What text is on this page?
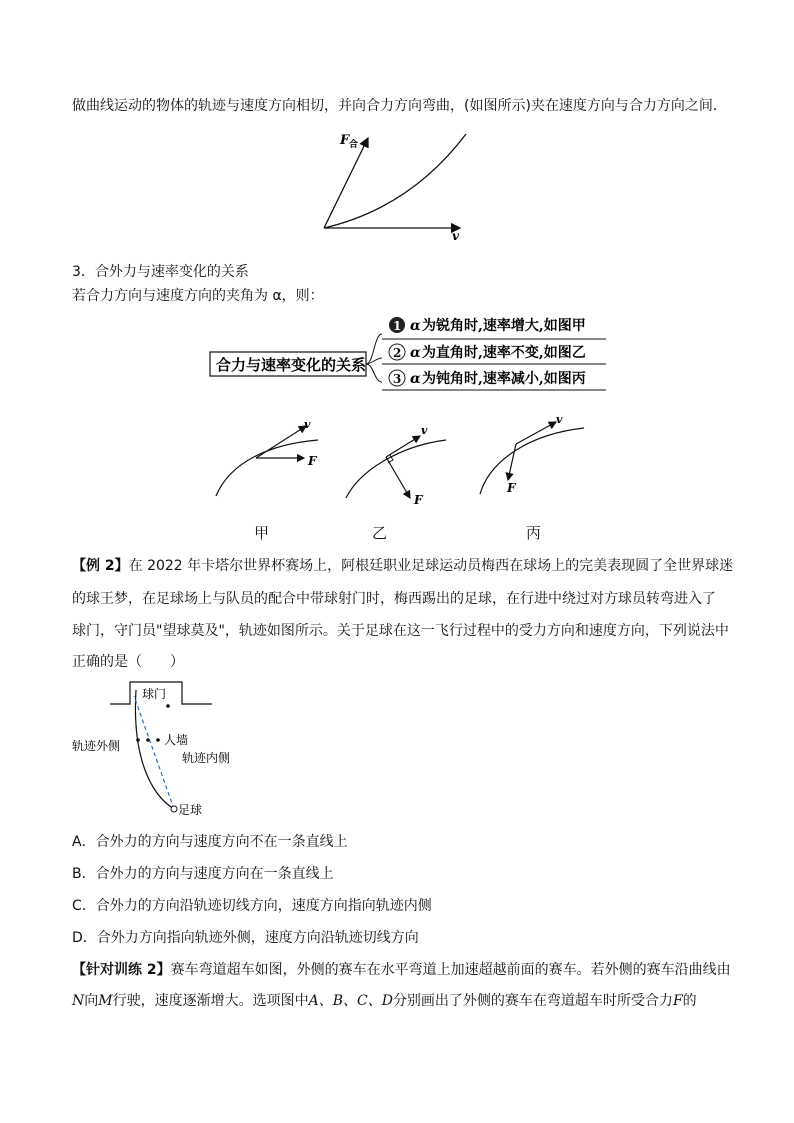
做曲线运动的物体的轨迹与速度方向相切，并向合力方向弯曲，(如图所示)夹在速度方向与合力方向之间．
F 合
v
3．合外力与速率变化的关系
若合力方向与速度方向的夹角为 α，则：
合力与速率变化的关系
1 α 为锐角时,速率增大,如图甲
2 α 为直角时,速率不变,如图乙
3 α 为钝角时,速率减小,如图丙
v
F
v
F
v
F
甲	乙	丙
【例 2】在 2022 年卡塔尔世界杯赛场上，阿根廷职业足球运动员梅西在球场上的完美表现圆了全世界球迷
的球王梦，在足球场上与队员的配合中带球射门时，梅西踢出的足球，在行进中绕过对方球员转弯进入了
球门，守门员"望球莫及"，轨迹如图所示。关于足球在这一飞行过程中的受力方向和速度方向，下列说法中
正确的是（　　）
球门
人墙
轨迹外侧
轨迹内侧
足球
A．合外力的方向与速度方向不在一条直线上
B．合外力的方向与速度方向在一条直线上
C．合外力的方向沿轨迹切线方向，速度方向指向轨迹内侧
D．合外力方向指向轨迹外侧，速度方向沿轨迹切线方向
【针对训练 2】赛车弯道超车如图，外侧的赛车在水平弯道上加速超越前面的赛车。若外侧的赛车沿曲线由
N向M行驶，速度逐渐增大。选项图中A、B、C、D分别画出了外侧的赛车在弯道超车时所受合力F的
